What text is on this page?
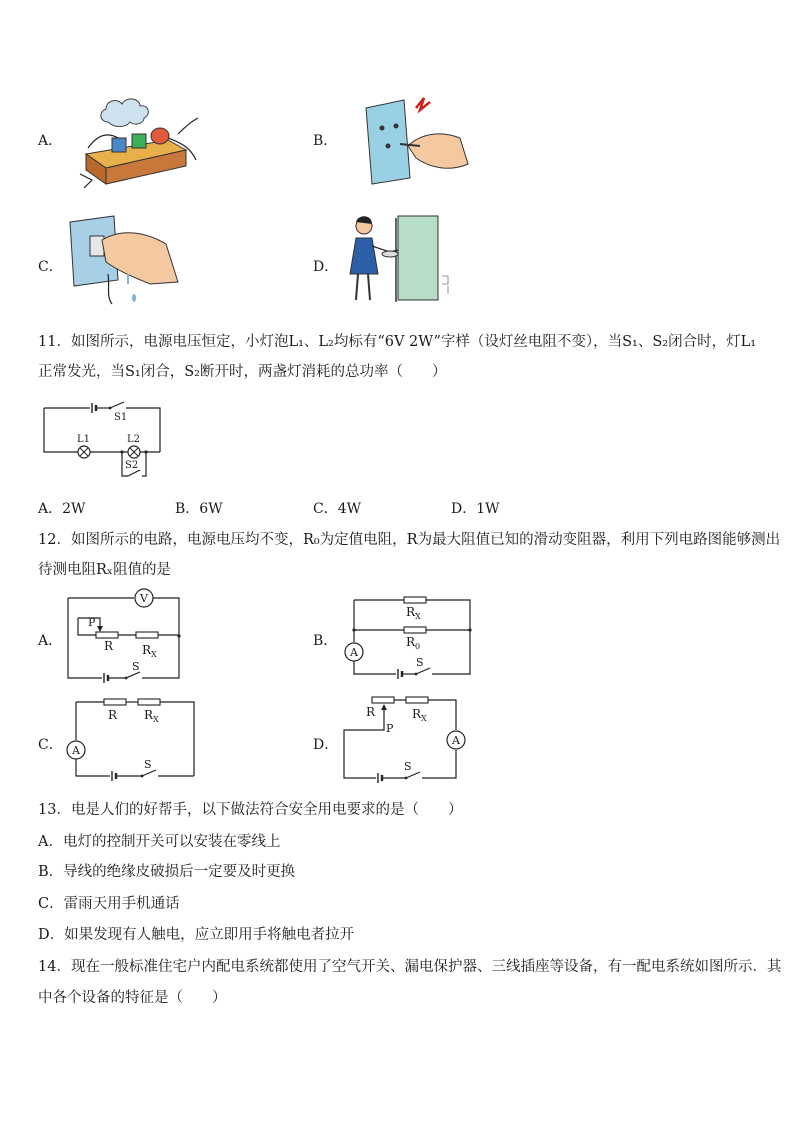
A．	B．
C．	D．
11．如图所示，电源电压恒定，小灯泡L₁、L₂均标有“6V 2W”字样（设灯丝电阻不变），当S₁、S₂闭合时，灯L₁
正常发光，当S₁闭合，S₂断开时，两盏灯消耗的总功率（　　）
S1
L1	L2
S2
A．2W	B．6W	C．4W	D．1W
12．如图所示的电路，电源电压均不变，R₀为定值电阻，R为最大阻值已知的滑动变阻器，利用下列电路图能够测出
待测电阻Rₓ阻值的是
A．
V
S
P
R $R_X$
B．
$R_X$
$R_0$
A
S
C．
R $R_X$
A
S
D．
R	$R_X$
P
S
A
13．电是人们的好帮手，以下做法符合安全用电要求的是（　　）
A．电灯的控制开关可以安装在零线上
B．导线的绝缘皮破损后一定要及时更换
C．雷雨天用手机通话
D．如果发现有人触电，应立即用手将触电者拉开
14．现在一般标准住宅户内配电系统都使用了空气开关、漏电保护器、三线插座等设备，有一配电系统如图所示．其
中各个设备的特征是（　　）
